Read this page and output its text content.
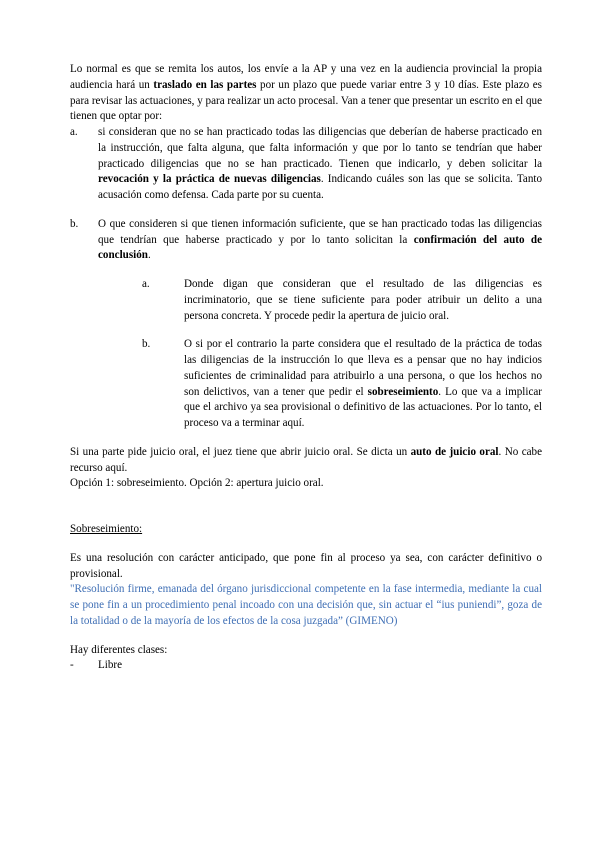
Lo normal es que se remita los autos, los envíe a la AP y una vez en la audiencia provincial la propia audiencia hará un traslado en las partes por un plazo que puede variar entre 3 y 10 días. Este plazo es para revisar las actuaciones, y para realizar un acto procesal. Van a tener que presentar un escrito en el que tienen que optar por:
a.	si consideran que no se han practicado todas las diligencias que deberían de haberse practicado en la instrucción, que falta alguna, que falta información y que por lo tanto se tendrían que haber practicado diligencias que no se han practicado. Tienen que indicarlo, y deben solicitar la revocación y la práctica de nuevas diligencias. Indicando cuáles son las que se solicita. Tanto acusación como defensa. Cada parte por su cuenta.
b.	O que consideren si que tienen información suficiente, que se han practicado todas las diligencias que tendrían que haberse practicado y por lo tanto solicitan la confirmación del auto de conclusión.
a.	Donde digan que consideran que el resultado de las diligencias es incriminatorio, que se tiene suficiente para poder atribuir un delito a una persona concreta. Y procede pedir la apertura de juicio oral.
b.	O si por el contrario la parte considera que el resultado de la práctica de todas las diligencias de la instrucción lo que lleva es a pensar que no hay indicios suficientes de criminalidad para atribuirlo a una persona, o que los hechos no son delictivos, van a tener que pedir el sobreseimiento. Lo que va a implicar que el archivo ya sea provisional o definitivo de las actuaciones. Por lo tanto, el proceso va a terminar aquí.
Si una parte pide juicio oral, el juez tiene que abrir juicio oral. Se dicta un auto de juicio oral. No cabe recurso aquí.
Opción 1: sobreseimiento. Opción 2: apertura juicio oral.
Sobreseimiento:
Es una resolución con carácter anticipado, que pone fin al proceso ya sea, con carácter definitivo o provisional.
"Resolución firme, emanada del órgano jurisdiccional competente en la fase intermedia, mediante la cual se pone fin a un procedimiento penal incoado con una decisión que, sin actuar el “ius puniendi”, goza de la totalidad o de la mayoría de los efectos de la cosa juzgada” (GIMENO)
Hay diferentes clases:
-	Libre
